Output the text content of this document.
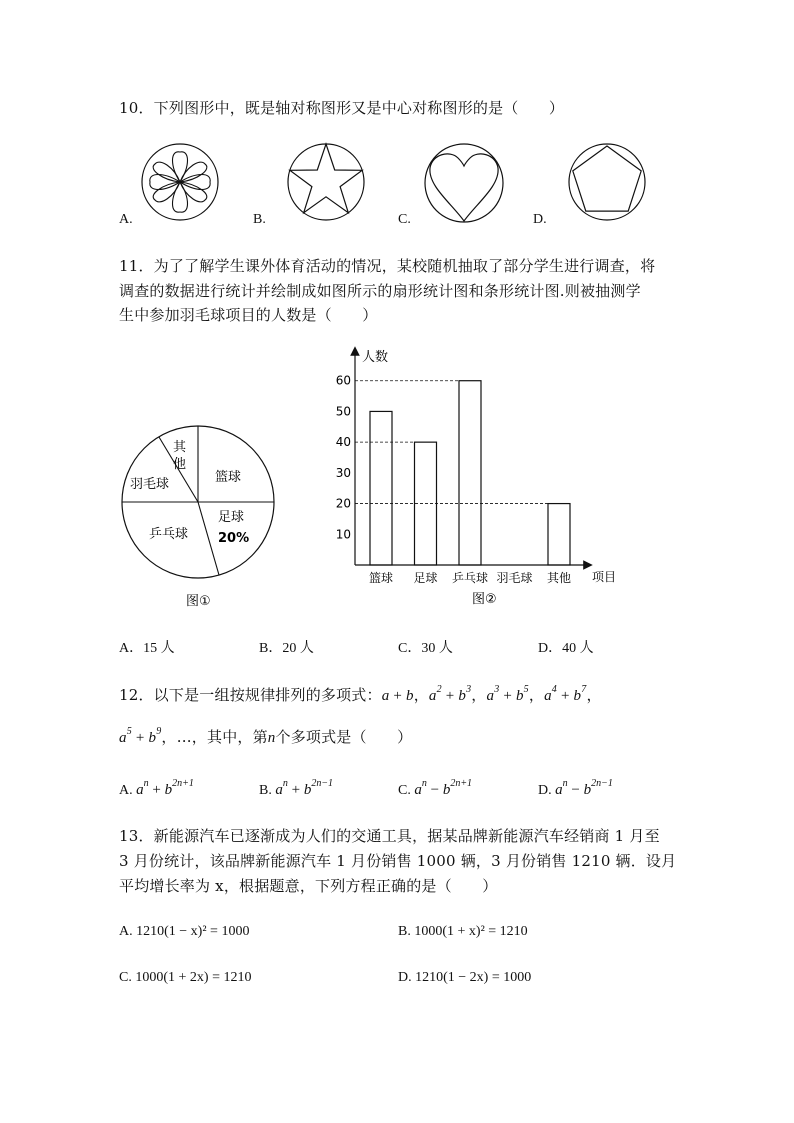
10．下列图形中，既是轴对称图形又是中心对称图形的是（　　）
A.	B.	C.	D.
11．为了了解学生课外体育活动的情况，某校随机抽取了部分学生进行调查，将
调查的数据进行统计并绘制成如图所示的扇形统计图和条形统计图.则被抽测学
生中参加羽毛球项目的人数是（　　）
其
他
篮球
羽毛球
足球
20%
乒乓球
图①
人数
项目
图②
10
20
30
40
50
60
篮球 足球 乒乓球 羽毛球 其他
A．15 人	B．20 人	C．30 人	D．40 人
12．以下是一组按规律排列的多项式：a + b，$a^2 + b^3$，$a^3 + b^5$，$a^4 + b^7$，
$a^5 + b^9$，…，其中，第n个多项式是（　　）
A. $a^n + b^{2n+1}$	B. $a^n + b^{2n-1}$	C. $a^n - b^{2n+1}$	D. $a^n - b^{2n-1}$
13．新能源汽车已逐渐成为人们的交通工具，据某品牌新能源汽车经销商 1 月至
3 月份统计，该品牌新能源汽车 1 月份销售 1000 辆，3 月份销售 1210 辆．设月
平均增长率为 x，根据题意，下列方程正确的是（　　）
A. 1210(1 − x)² = 1000	B. 1000(1 + x)² = 1210
C. 1000(1 + 2x) = 1210	D. 1210(1 − 2x) = 1000
